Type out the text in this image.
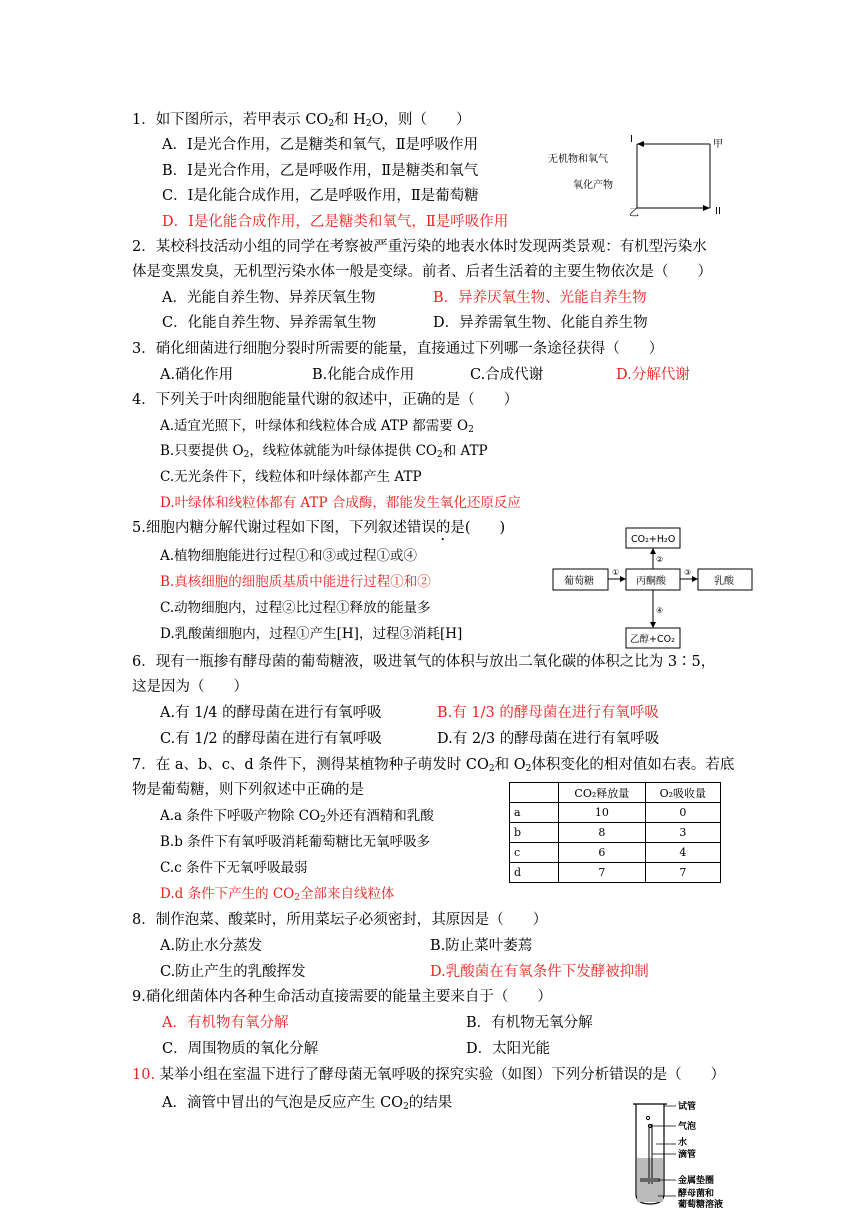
1．如下图所示，若甲表示 $CO_2$和 $H_2O$，则（　　）
A．Ⅰ是光合作用，乙是糖类和氧气，Ⅱ是呼吸作用
B．Ⅰ是光合作用，乙是呼吸作用，Ⅱ是糖类和氧气
C．Ⅰ是化能合成作用，乙是呼吸作用，Ⅱ是葡萄糖
D．Ⅰ是化能合成作用，乙是糖类和氧气，Ⅱ是呼吸作用
I	甲
无机物和氧气
氧化产物
乙	II
2．某校科技活动小组的同学在考察被严重污染的地表水体时发现两类景观：有机型污染水
体是变黑发臭，无机型污染水体一般是变绿。前者、后者生活着的主要生物依次是（　　）
A．光能自养生物、异养厌氧生物	B．异养厌氧生物、光能自养生物
C．化能自养生物、异养需氧生物	D．异养需氧生物、化能自养生物
3．硝化细菌进行细胞分裂时所需要的能量，直接通过下列哪一条途径获得（　　）
A.硝化作用	B.化能合成作用	C.合成代谢	D.分解代谢
4．下列关于叶肉细胞能量代谢的叙述中，正确的是（　　）
A.适宜光照下，叶绿体和线粒体合成 ATP 都需要 $O_2$
B.只要提供 $O_2$，线粒体就能为叶绿体提供 $CO_2$和 ATP
C.无光条件下，线粒体和叶绿体都产生 ATP
D.叶绿体和线粒体都有 ATP 合成酶，都能发生氧化还原反应
5.细胞内糖分解代谢过程如下图，下列叙述错误的是(　　)
A.植物细胞能进行过程①和③或过程①或④
B.真核细胞的细胞质基质中能进行过程①和②
C.动物细胞内，过程②比过程①释放的能量多
D.乳酸菌细胞内，过程①产生[H]，过程③消耗[H]
CO₂+H₂O
葡萄糖	丙酮酸	乳酸
乙醇+CO₂
①
②
③
④
6．现有一瓶掺有酵母菌的葡萄糖液，吸进氧气的体积与放出二氧化碳的体积之比为 3∶5，
这是因为（　　）
A.有 1/4 的酵母菌在进行有氧呼吸	B.有 1/3 的酵母菌在进行有氧呼吸
C.有 1/2 的酵母菌在进行有氧呼吸	D.有 2/3 的酵母菌在进行有氧呼吸
7．在 a、b、c、d 条件下，测得某植物种子萌发时 $CO_2$和 $O_2$体积变化的相对值如右表。若底
物是葡萄糖，则下列叙述中正确的是
A.a 条件下呼吸产物除 $CO_2$外还有酒精和乳酸
B.b 条件下有氧呼吸消耗葡萄糖比无氧呼吸多
C.c 条件下无氧呼吸最弱
D.d 条件下产生的 $CO_2$全部来自线粒体
	CO₂释放量	O₂吸收量
a	10	0
b	8	3
c	6	4
d	7	7
8．制作泡菜、酸菜时，所用菜坛子必须密封，其原因是（　　）
A.防止水分蒸发	B.防止菜叶萎蔫
C.防止产生的乳酸挥发	D.乳酸菌在有氧条件下发酵被抑制
9.硝化细菌体内各种生命活动直接需要的能量主要来自于（　　）
A．有机物有氧分解	B．有机物无氧分解
C．周围物质的氧化分解	D．太阳光能
10. 某举小组在室温下进行了酵母菌无氧呼吸的探究实验（如图）下列分析错误的是（　　）
A．滴管中冒出的气泡是反应产生 $CO_2$的结果	试管
气泡
水
滴管
金属垫圈
酵母菌和
葡萄糖溶液
